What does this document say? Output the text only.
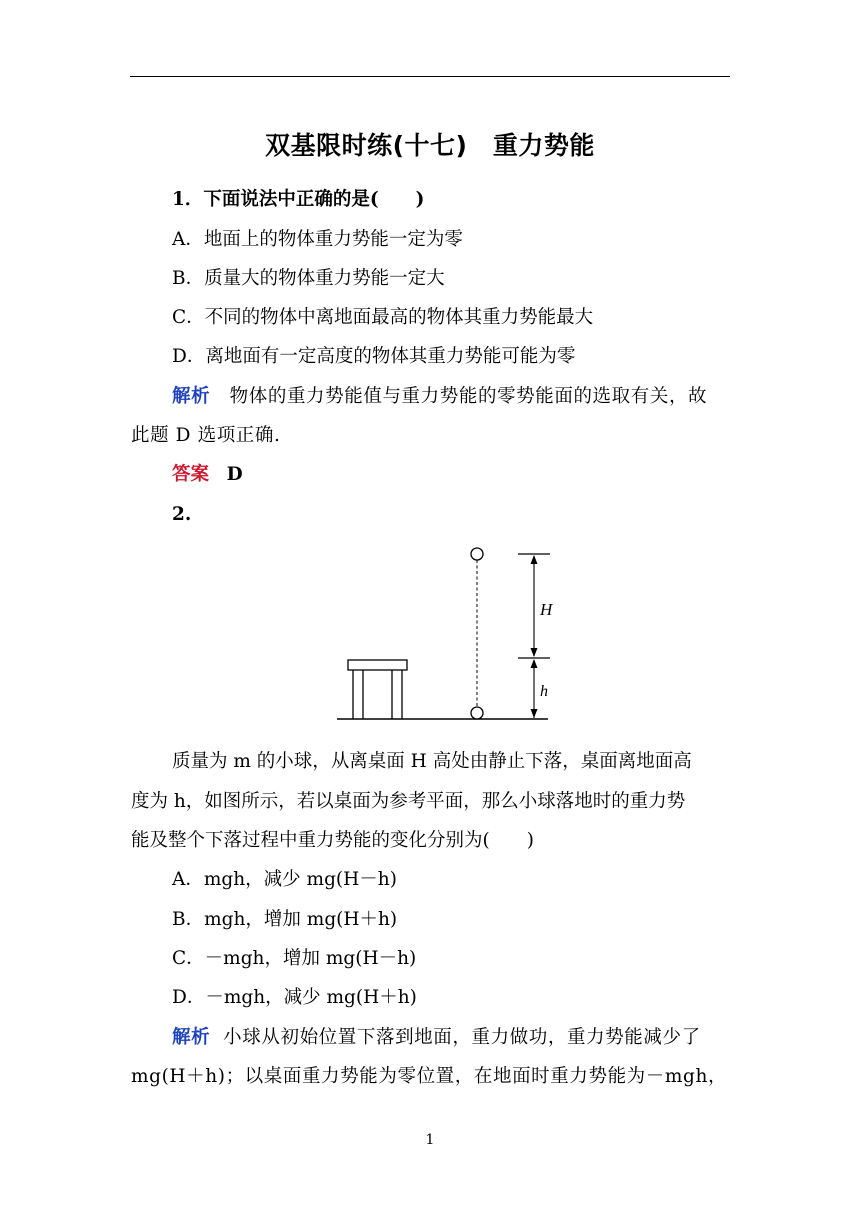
双基限时练(十七)　重力势能
1．下面说法中正确的是(　　)
A．地面上的物体重力势能一定为零
B．质量大的物体重力势能一定大
C．不同的物体中离地面最高的物体其重力势能最大
D．离地面有一定高度的物体其重力势能可能为零
解析 物体的重力势能值与重力势能的零势能面的选取有关，故
此题 D 选项正确.
答案 D
2.
H
h
质量为 m 的小球，从离桌面 H 高处由静止下落，桌面离地面高
度为 h，如图所示，若以桌面为参考平面，那么小球落地时的重力势
能及整个下落过程中重力势能的变化分别为(　　)
A．mgh，减少 mg(H－h)
B．mgh，增加 mg(H＋h)
C．－mgh，增加 mg(H－h)
D．－mgh，减少 mg(H＋h)
解析 小球从初始位置下落到地面，重力做功，重力势能减少了
mg(H＋h)；以桌面重力势能为零位置，在地面时重力势能为－mgh，
1
